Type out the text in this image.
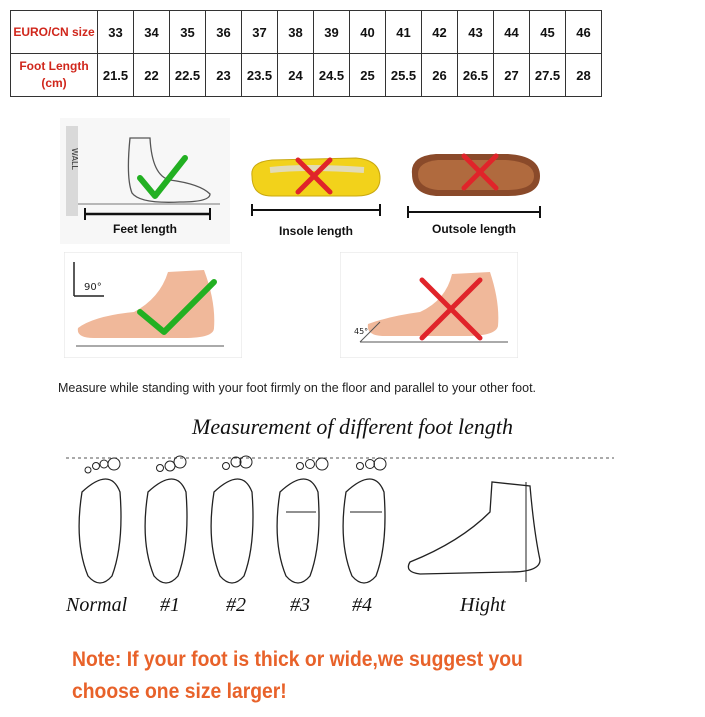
EURO/CN size	33	34	35	36	37	38	39	40	41	42	43	44	45	46
Foot Length (cm)	21.5	22	22.5	23	23.5	24	24.5	25	25.5	26	26.5	27	27.5	28
WALL
Feet length	Insole length	Outsole length
90°
45°
Measure while standing with your foot firmly on the floor and parallel to your other foot.
Measurement of different foot length
Normal #1 #2 #3 #4	Hight
Note: If your foot is thick or wide,we suggest you
choose one size larger!
